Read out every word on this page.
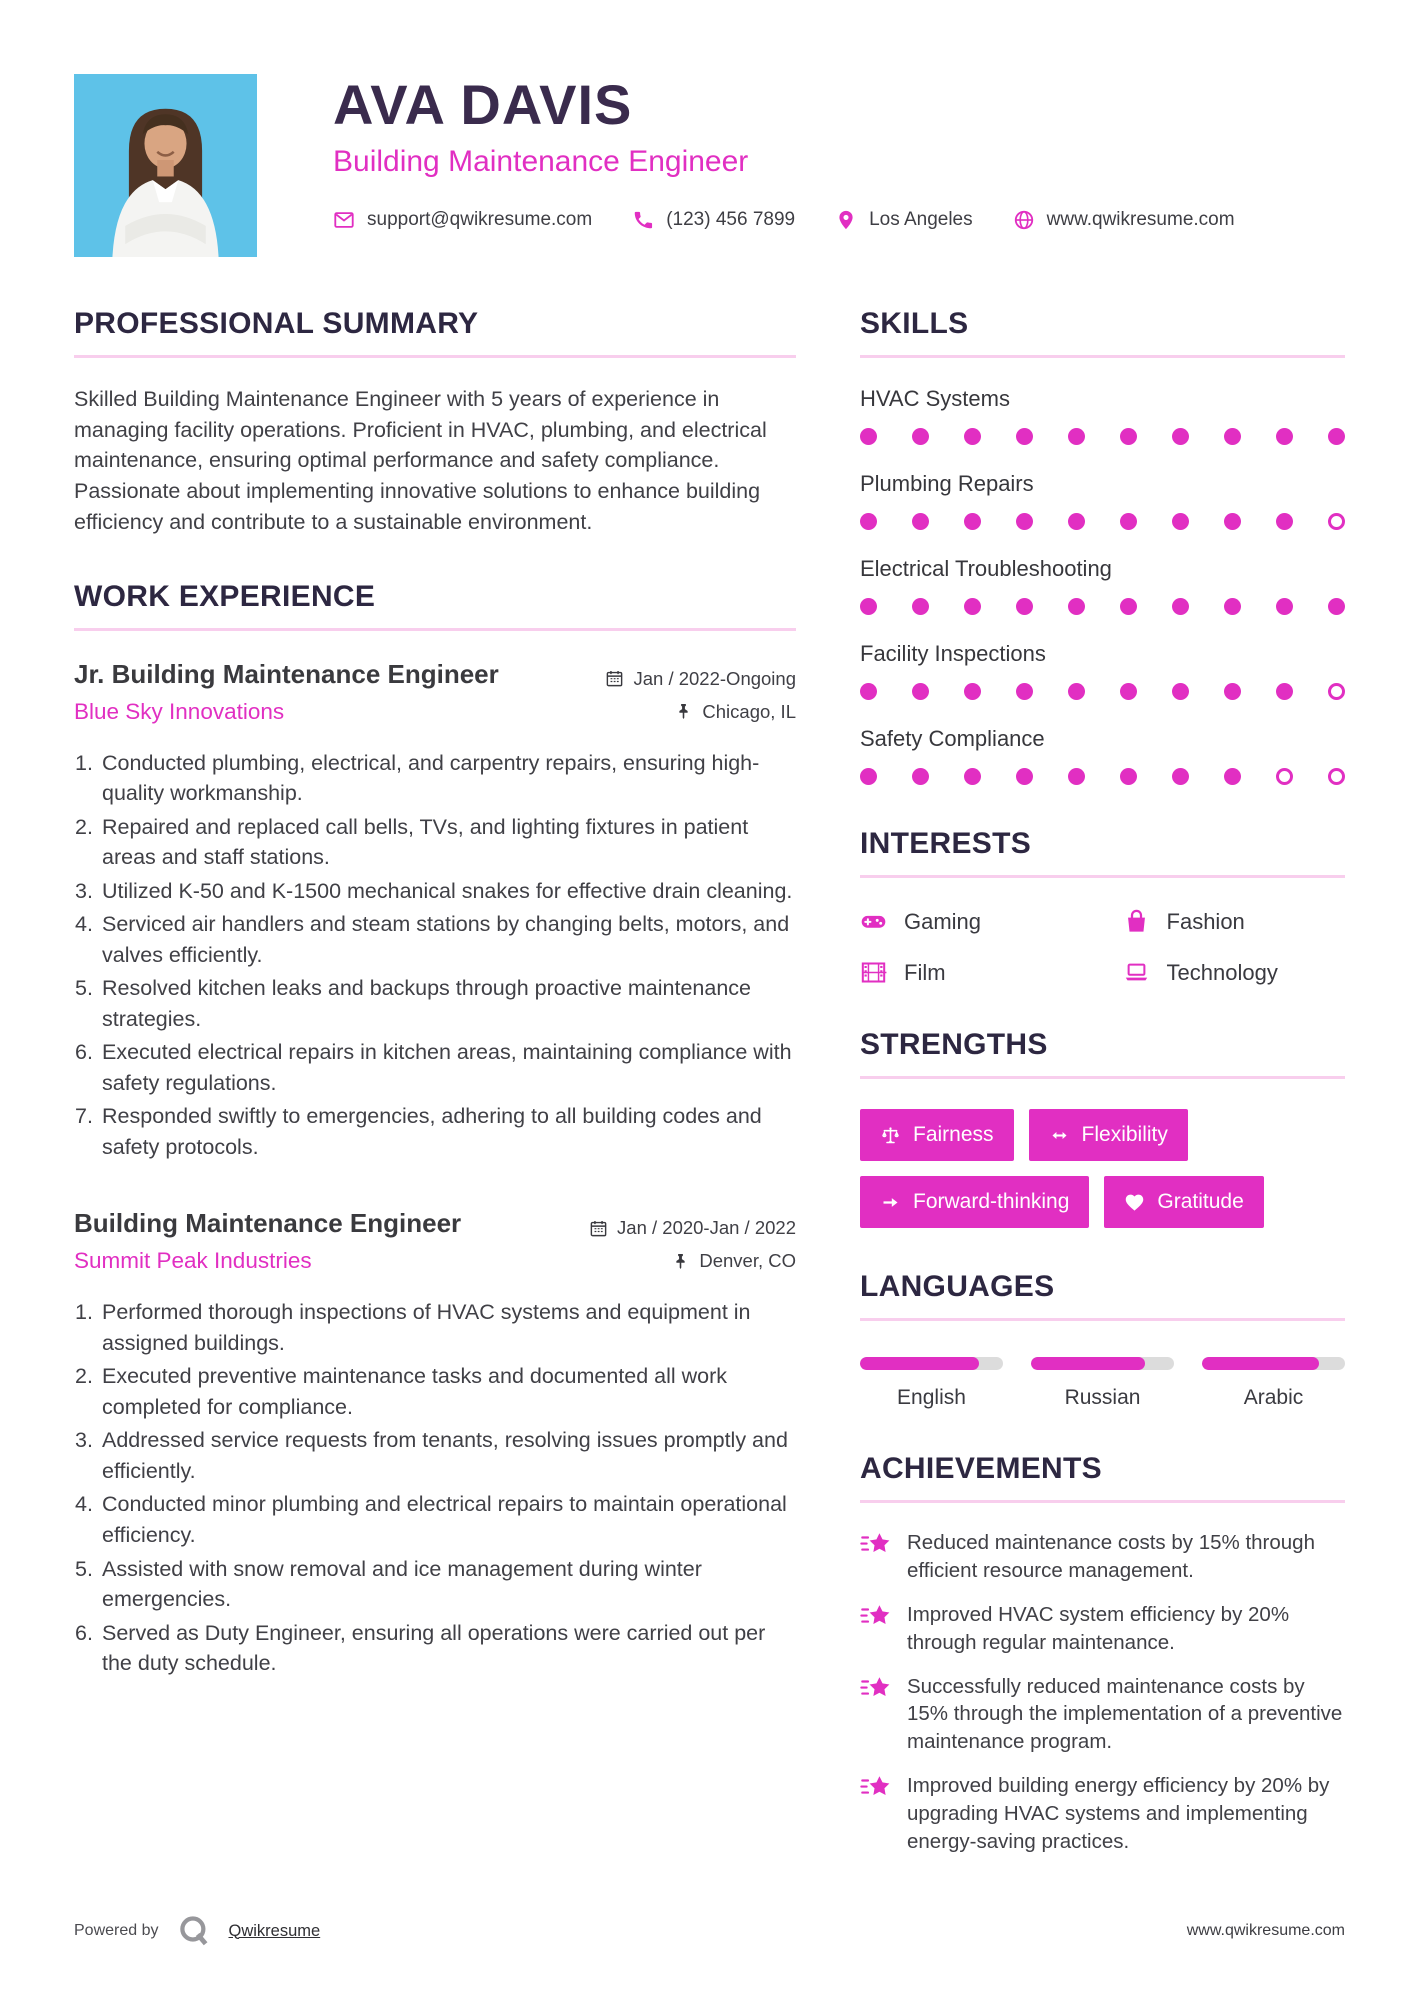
AVA DAVIS
Building Maintenance Engineer
support@qwikresume.com	(123) 456 7899	Los Angeles	www.qwikresume.com
PROFESSIONAL SUMMARY

Skilled Building Maintenance Engineer with 5 years of experience in managing facility operations. Proficient in HVAC, plumbing, and electrical maintenance, ensuring optimal performance and safety compliance. Passionate about implementing innovative solutions to enhance building efficiency and contribute to a sustainable environment.

WORK EXPERIENCE
Jr. Building Maintenance Engineer	Jan / 2022-Ongoing
Blue Sky Innovations	Chicago, IL
Conducted plumbing, electrical, and carpentry repairs, ensuring high-quality workmanship.
Repaired and replaced call bells, TVs, and lighting fixtures in patient areas and staff stations.
Utilized K-50 and K-1500 mechanical snakes for effective drain cleaning.
Serviced air handlers and steam stations by changing belts, motors, and valves efficiently.
Resolved kitchen leaks and backups through proactive maintenance strategies.
Executed electrical repairs in kitchen areas, maintaining compliance with safety regulations.
Responded swiftly to emergencies, adhering to all building codes and safety protocols.
Building Maintenance Engineer	Jan / 2020-Jan / 2022
Summit Peak Industries	Denver, CO
Performed thorough inspections of HVAC systems and equipment in assigned buildings.
Executed preventive maintenance tasks and documented all work completed for compliance.
Addressed service requests from tenants, resolving issues promptly and efficiently.
Conducted minor plumbing and electrical repairs to maintain operational efficiency.
Assisted with snow removal and ice management during winter emergencies.
Served as Duty Engineer, ensuring all operations were carried out per the duty schedule.
SKILLS
HVAC Systems
Plumbing Repairs
Electrical Troubleshooting
Facility Inspections
Safety Compliance
INTERESTS
Gaming	Fashion
Film	Technology
STRENGTHS
Fairness	Flexibility
Forward-thinking	Gratitude
LANGUAGES
English	Russian	Arabic
ACHIEVEMENTS
Reduced maintenance costs by 15% through efficient resource management.
Improved HVAC system efficiency by 20% through regular maintenance.
Successfully reduced maintenance costs by 15% through the implementation of a preventive maintenance program.
Improved building energy efficiency by 20% by upgrading HVAC systems and implementing energy-saving practices.
Powered by	Qwikresume	www.qwikresume.com
